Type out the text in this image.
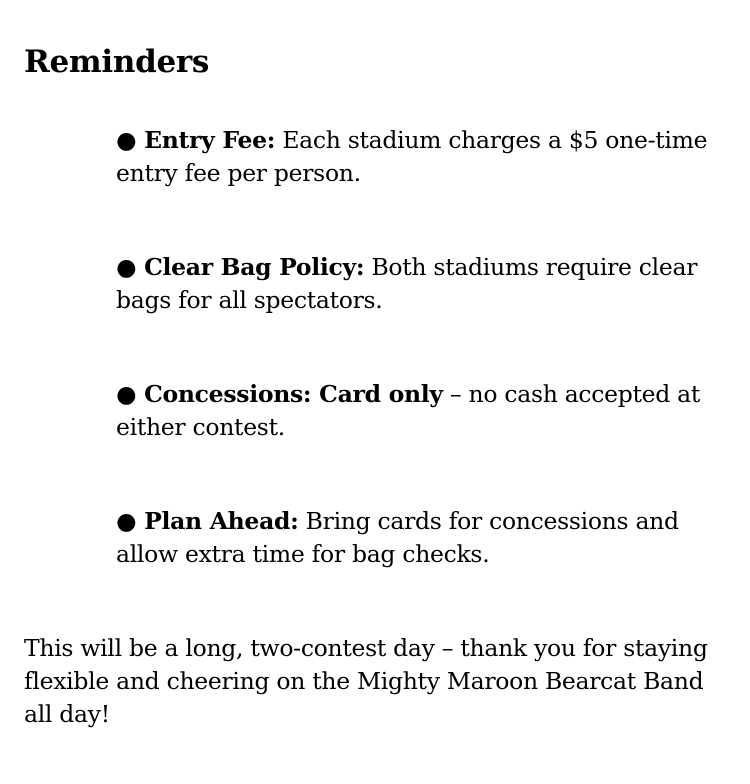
Reminders
● Entry Fee: Each stadium charges a $5 one-time entry fee per person.
● Clear Bag Policy: Both stadiums require clear bags for all spectators.
● Concessions: Card only – no cash accepted at either contest.
● Plan Ahead: Bring cards for concessions and allow extra time for bag checks.

This will be a long, two-contest day – thank you for staying flexible and cheering on the Mighty Maroon Bearcat Band all day!
